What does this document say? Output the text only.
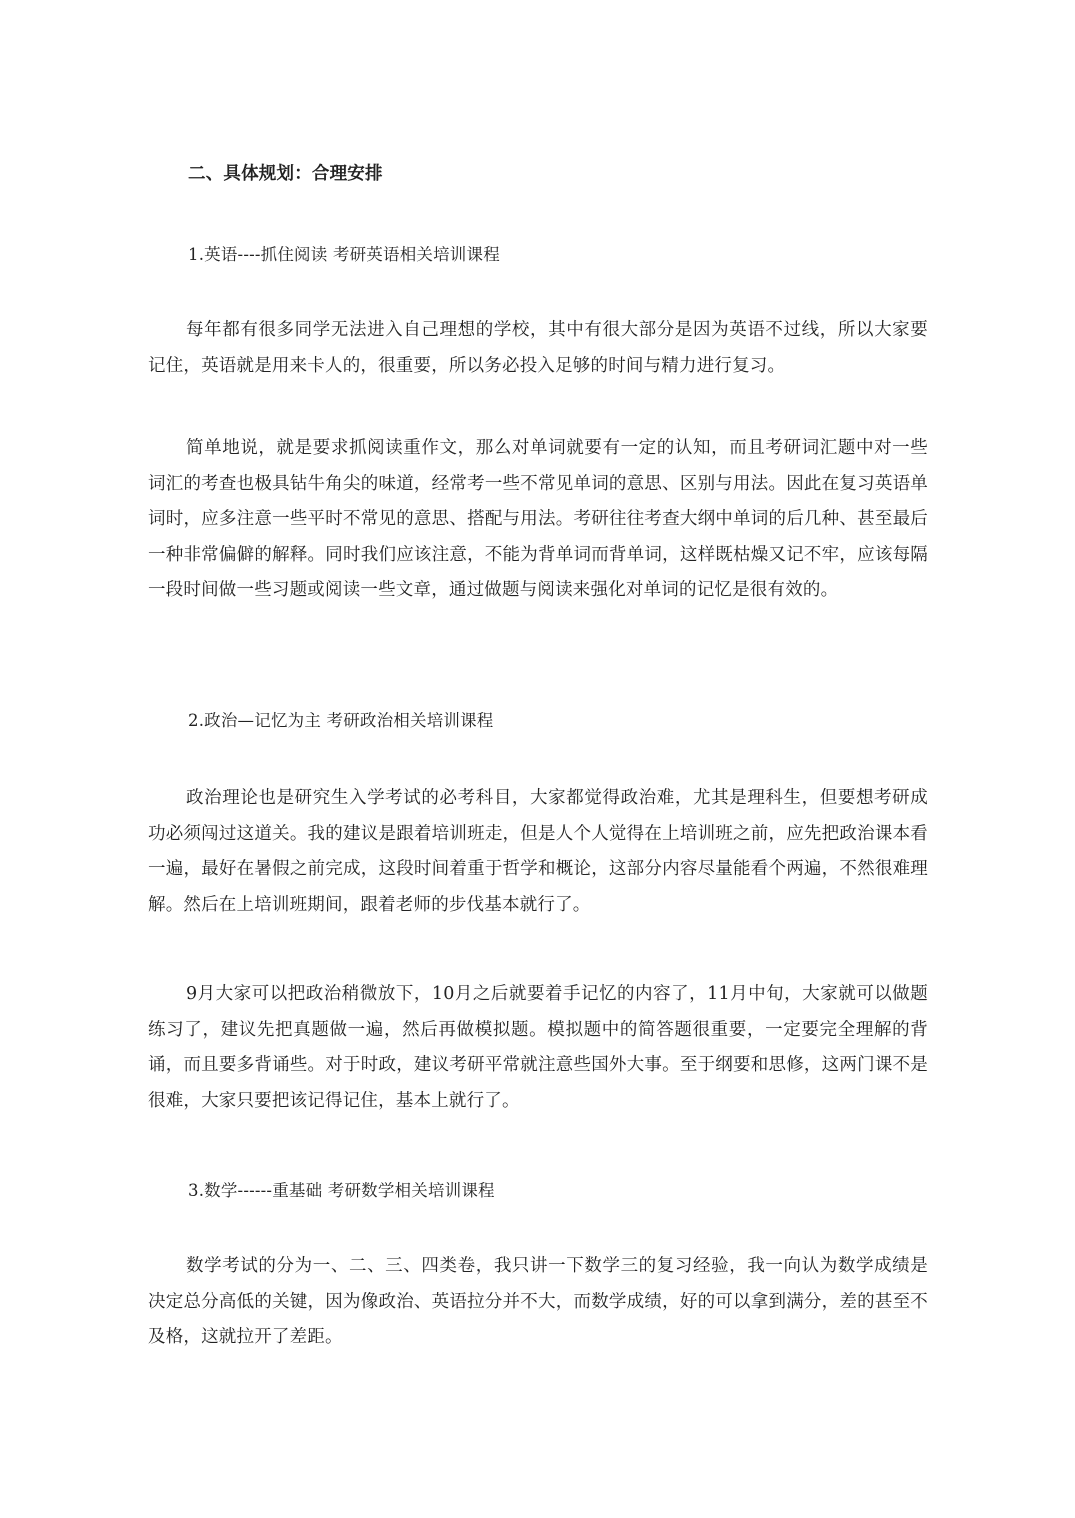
二、具体规划：合理安排

1.英语----抓住阅读 考研英语相关培训课程

每年都有很多同学无法进入自己理想的学校，其中有很大部分是因为英语不过线，所以大家要记住，英语就是用来卡人的，很重要，所以务必投入足够的时间与精力进行复习。

简单地说，就是要求抓阅读重作文，那么对单词就要有一定的认知，而且考研词汇题中对一些词汇的考查也极具钻牛角尖的味道，经常考一些不常见单词的意思、区别与用法。因此在复习英语单词时，应多注意一些平时不常见的意思、搭配与用法。考研往往考查大纲中单词的后几种、甚至最后一种非常偏僻的解释。同时我们应该注意，不能为背单词而背单词，这样既枯燥又记不牢，应该每隔一段时间做一些习题或阅读一些文章，通过做题与阅读来强化对单词的记忆是很有效的。

2.政治—记忆为主 考研政治相关培训课程

政治理论也是研究生入学考试的必考科目，大家都觉得政治难，尤其是理科生，但要想考研成功必须闯过这道关。我的建议是跟着培训班走，但是人个人觉得在上培训班之前，应先把政治课本看一遍，最好在暑假之前完成，这段时间着重于哲学和概论，这部分内容尽量能看个两遍，不然很难理解。然后在上培训班期间，跟着老师的步伐基本就行了。

9月大家可以把政治稍微放下，10月之后就要着手记忆的内容了，11月中旬，大家就可以做题练习了，建议先把真题做一遍，然后再做模拟题。模拟题中的简答题很重要，一定要完全理解的背诵，而且要多背诵些。对于时政，建议考研平常就注意些国外大事。至于纲要和思修，这两门课不是很难，大家只要把该记得记住，基本上就行了。

3.数学------重基础 考研数学相关培训课程

数学考试的分为一、二、三、四类卷，我只讲一下数学三的复习经验，我一向认为数学成绩是决定总分高低的关键，因为像政治、英语拉分并不大，而数学成绩，好的可以拿到满分，差的甚至不及格，这就拉开了差距。
